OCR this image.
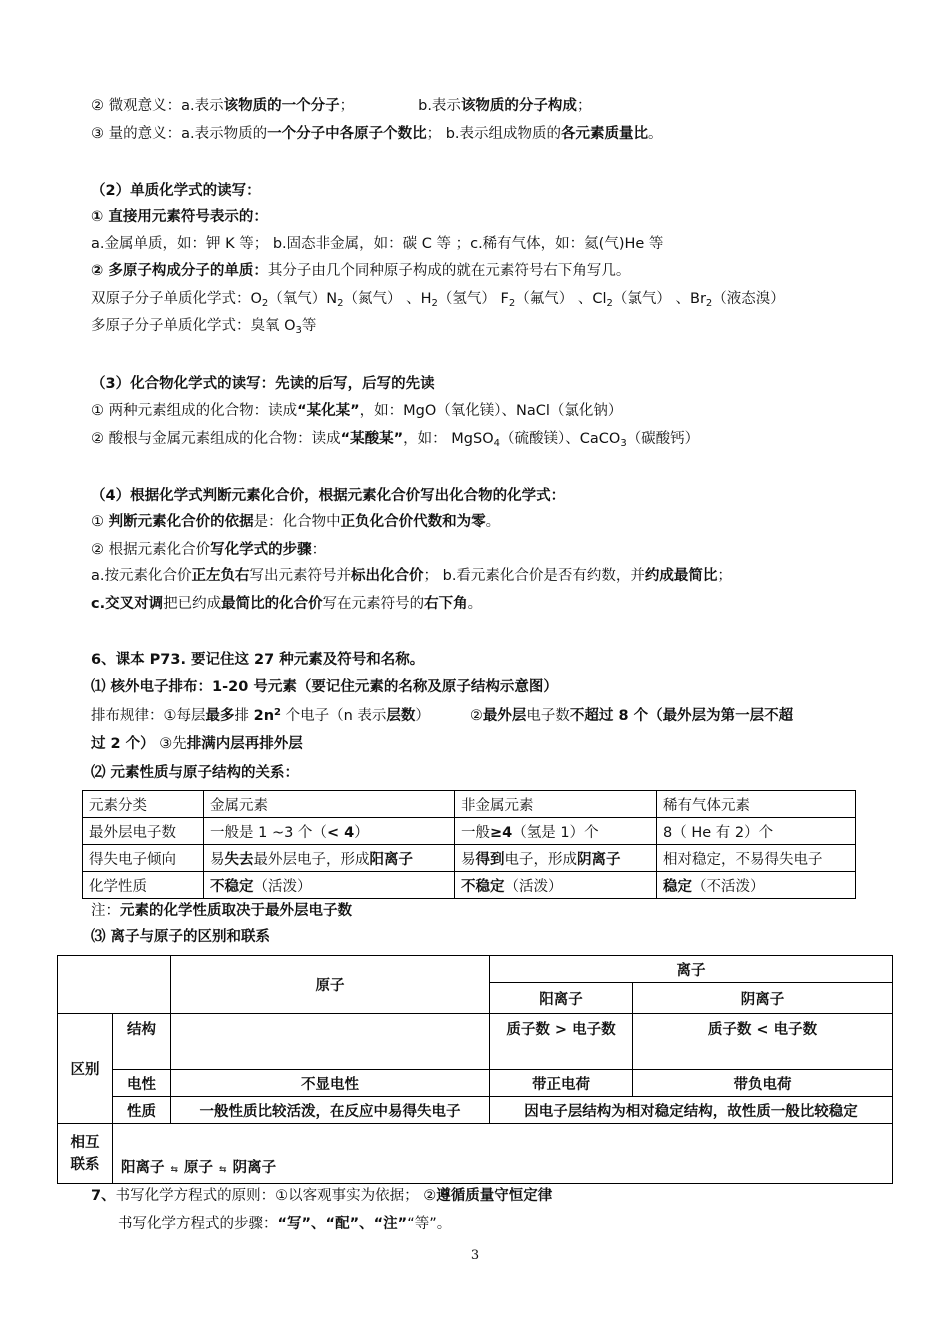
② 微观意义：a.表示该物质的一个分子；	b.表示该物质的分子构成；
③ 量的意义：a.表示物质的一个分子中各原子个数比； b.表示组成物质的各元素质量比。
（2）单质化学式的读写：
① 直接用元素符号表示的：
a.金属单质，如：钾 K 等； b.固态非金属，如：碳 C 等 ；c.稀有气体，如：氦(气)He 等
② 多原子构成分子的单质：其分子由几个同种原子构成的就在元素符号右下角写几。
双原子分子单质化学式：$O_2$（氧气）$N_2$（氮气） 、$H_2$（氢气） $F_2$（氟气） 、$Cl_2$（氯气） 、$Br_2$（液态溴）
多原子分子单质化学式：臭氧 $O_3$等
（3）化合物化学式的读写：先读的后写，后写的先读
① 两种元素组成的化合物：读成“某化某”，如：MgO（氧化镁）、NaCl（氯化钠）
② 酸根与金属元素组成的化合物：读成“某酸某”，如： MgSO$_4$（硫酸镁）、CaCO$_3$（碳酸钙）
（4）根据化学式判断元素化合价，根据元素化合价写出化合物的化学式：
① 判断元素化合价的依据是：化合物中正负化合价代数和为零。
② 根据元素化合价写化学式的步骤：
a.按元素化合价正左负右写出元素符号并标出化合价； b.看元素化合价是否有约数，并约成最简比；
c.交叉对调把已约成最简比的化合价写在元素符号的右下角。
6、课本 P73. 要记住这 27 种元素及符号和名称。
⑴ 核外电子排布：1-20 号元素（要记住元素的名称及原子结构示意图）
排布规律：①每层最多排 $2n^2$ 个电子（n 表示层数）	②最外层电子数不超过 8 个（最外层为第一层不超
过 2 个） ③先排满内层再排外层
⑵ 元素性质与原子结构的关系：
元素分类	金属元素	非金属元素	稀有气体元素
最外层电子数	一般是 1 ~3 个（< 4）	一般≥4（氢是 1）个	8（ He 有 2）个
得失电子倾向	易失去最外层电子，形成阳离子	易得到电子，形成阴离子	相对稳定，不易得失电子
化学性质	不稳定（活泼）	不稳定（活泼）	稳定（不活泼）
注：元素的化学性质取决于最外层电子数
⑶ 离子与原子的区别和联系
		原子	离子	
			阳离子	阴离子
区别	结构		质子数 > 电子数	质子数 < 电子数
	电性	不显电性	带正电荷	带负电荷
	性质	一般性质比较活泼，在反应中易得失电子	因电子层结构为相对稳定结构，故性质一般比较稳定	
相互联系	阳离子 ⇆ 原子 ⇆ 阴离子			
7、书写化学方程式的原则：①以客观事实为依据； ②遵循质量守恒定律
书写化学方程式的步骤：“写”、“配”、“注”“等”。
3
